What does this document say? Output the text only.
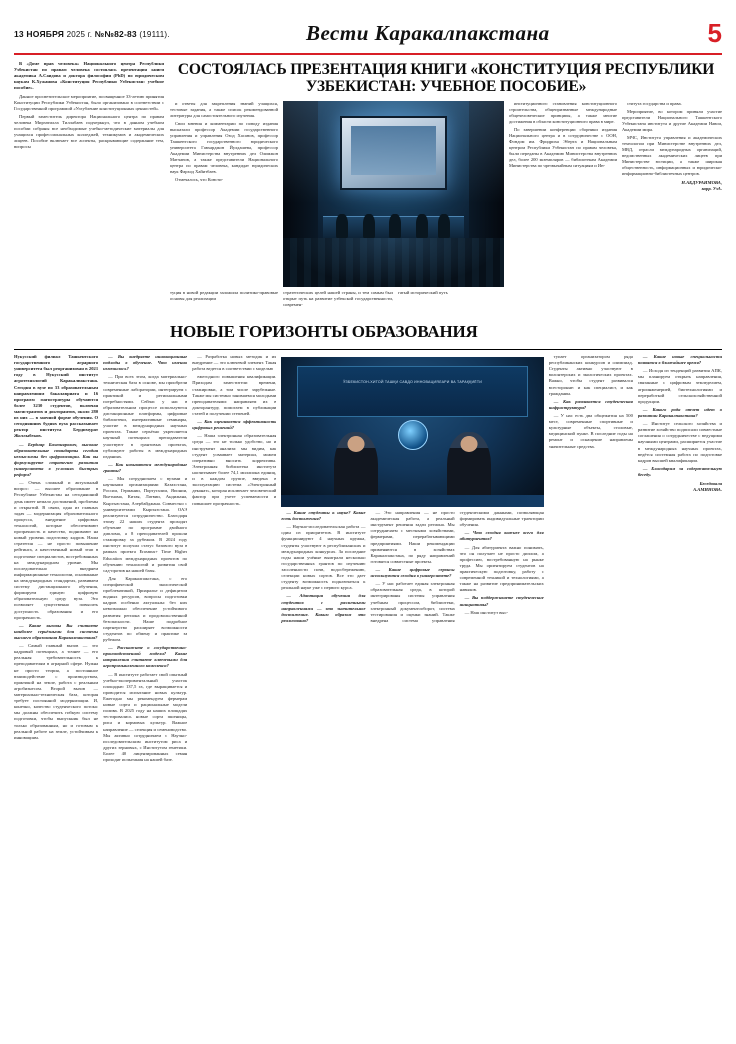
13 НОЯБРЯ 2025 г. №№82-83 (19111).	Вести Каракалпакстана	5

В «Доме прав человека» Национального центра Республики Узбекистан по правам человека состоялась презентация книги академика А.Саидова и доктора философии (PhD) по юридическим наукам К.Хужанова «Конституция Республики Узбекистан: учебное пособие».

Данное просветительское мероприятие, посвященное 33-летию принятия Конституции Республики Узбекистан, было организовано в соответствии с Государственной программой «Углубление конституционных ценностей».

Первый заместитель директора Национального центра по правам человека Мирзатилла Тиллабаев подчеркнул, что в данном учебном пособии собраны все необходимые учебно-методические материалы для учащихся профессиональных колледжей, техникумов и академических лицеев. Пособие включает все аспекты, раскрывающие содержание тем, вопросы

СОСТОЯЛАСЬ ПРЕЗЕНТАЦИЯ КНИГИ «КОНСТИТУЦИЯ РЕСПУБЛИКИ УЗБЕКИСТАН: УЧЕБНОЕ ПОСОБИЕ»

и ответы для закрепления знаний учащихся, тестовые задания, а также список рекомендованной литературы для самостоятельного изучения.

Свои мнения и комментарии по поводу издания высказали профессор Академии государственного управления и управления Озод Хасанов, профессор Ташкентского государственного юридического университета Гавхарджон Йулдашева, профессор Академии Министерства внутренних дел Олимжон Матчанов, а также представители Национального центра по правам человека, кандидат юридических наук Фарход Хайитбаев.

Отмечалось, что Консти-

институционного становления конституционного строительства, общепризнанные международные общечеловеческие принципы, а также многие достижения в области конституционного права в мире.

По завершении конференции сборники издания Национального центра и в сотрудничестве с ООН, Фондом им. Фридриха Эберта и Национальным центром Республики Узбекистан по правам человека, были переданы в Академию Министерства внутренних дел, более 200 экземпляров — библиотекам Академии Министерства по чрезвычайным ситуациям и Ин-

ститута государства и права.

Мероприятие, во котором приняли участие представители Национального Ташкентского Узбекистана института и другие Академии Навои, Академии мира.

МЧС, Института управления и академических технологии при Министерстве внутренних дел, МВД, отрасли международных организаций, ведомственных академических лицеев при Министерстве юстиции, а также широкая общественность, информационных и юридически-информационно-библиотечных центров.

Н.АБДУРАИМОВА,
корр. УзА.

туция в новой редакции заложила политико-правовые основы для реализации

стратегических целей нашей страны, и тем самым был открыт путь на развитие узбекской государственности, современ-

гатый исторический путь

НОВЫЕ ГОРИЗОНТЫ ОБРАЗОВАНИЯ

Нукусский филиал Ташкентского государственного аграрного университета был реорганизован в 2021 году в Нукусский институт агротехнологий Каракалпакстана. Сегодня в вузе по 33 образовательным направлениям бакалавриата и 16 программ магистратуры обучаются более 3230 студентов, включая магистрантов и докторантов, около 280 из них — в заочной форме обучения. О сегодняшних буднях вуза рассказывает ректор института Бердимурат Жоллыбеков.

— Бердияр Бахтиярович, высокие образовательные стандарты сегодня немыслимы без цифровизации. Как вы формулируете стратегию развития университета в условиях быстрых реформ?

— Очень сложный и актуальный вопрос: — высшее образование в Республике Узбекистан на сегодняшний день имеет немало достижений, проблемы и открытий. В связи, одна из главных задач — модернизация образовательного процесса, внедрение цифровых технологий, которые обеспечивают прозрачность и качество, поднимают на новый уровень подготовку кадров. Наша стратегия — не просто повышение рейтинга, а качественный новый этап в подготовке специалистов, востребованных на международном уровне. Мы последовательно внедряем информационные технологии, основанные на международных стандартах, развиваем систему дистанционного обучения, формируем единую цифровую образовательную среду вуза. Это позволяет существенно повысить доступность образования и его прозрачность.

— Какие вызовы Вы считаете наиболее серьёзными для системы высшего образования Каракалпакстана?

— Самый главный вызов — это кадровый потенциал, а точнее — его реальная требовательность к преподавателям в аграрной сфере. Нужна не просто теория, а постоянное взаимодействие с производством, практикой на земле, работа с реальным агробизнесом. Второй вызов — материально-техническая база, которая требует постоянной модернизации. И, конечно, качество студенческого потока: мы должны обеспечить гибкую систему подготовки, чтобы выпускник был не только образованным, но и готовым к реальной работе на земле, устойчивым к инновациям.

— Вы внедряете инновационные подходы в обучение. Что именно изменилось?

— При всех этом, когда материально-техническая база в основе, мы приобрели современные лаборатории, интегрируем с практикой и региональными потребностями. Сейчас у нас в образовательном процессе используются дистанционные платформы, цифровые библиотеки, интерактивные семинары, участие в международных научных проектах. Также серьёзно укрепляется научный потенциал: преподаватели участвуют в грантовых проектах, публикуют работы в международных изданиях.

— Как называются международные гранты?

— Мы сотрудничаем с вузами и научными организациями Казахстана, России, Германии, Португалии, Японии, Вьетнама, Китая, Латвии, Андижана, Кыргызстана, Азербайджана. Совместно с университетами Кыргызстана. ОАЭ реализуются сотрудничество. Благодаря этому 22 наших студента проходят обучение по программе двойного диплома, а 8 преподавателей прошли стажировку за рубежом. В 2024 году институт получил статус базового вуза в рамках проекта Erasmus+ Time Higher Education международных проектов по обучению технологий и развития свой сад-против на нашей базы.

Для Каракалпакстана, с его специфической экологической проблематикой, Приаралье и дефицитом водных ресурсов, вопросы подготовки кадров особенно актуальны: без них невозможно обеспечение устойчивого развития региона и продовольственной безопасности. Наше подробное партнерство расширяет возможности студентов по обмену и практике за рубежом.

— Расскажите о государственно-производственной модели? Какие направления считаете ключевыми для агропромышленного комплекса?

— В институте работает свой опытный учебно-экспериментальный участок площадью 137,5 га, где выращивается и проводится испытание новых культур. Ежегодно мы рекомендуем фермерам новые сорта и рациональные модели полива. В 2025 году на наших площадях тестировались новые сорта пшеницы, риса и кормовых культур. Важное направление — селекция и семеноводство. Мы активно сотрудничаем с Научно-исследовательским институтом риса и других зерновых, с Институтом генетики. Более 40 лицензированных семян проходят испытания на нашей базе.

— Разработка новых методик и их внедрение — это ключевой элемент. Такая работа ведется в соответствии с моделью

ежегодного повышения квалификации. Приходам заместители времени, стажировки, а том числе зарубежные. Также мы системно занимаемся молодыми преподавателями: направляем их в докторантуру, помогаем в публикации статей и получении степеней.

— Как оценивается эффективность цифровых решений?

— Наша электронная образовательная среда — это не только удобство, но и инструмент анализа: мы видим, как студент усваивает материал, можем оперативно вносить коррективы. Электронная библиотека института насчитывает более 74,1 миллиона единиц, и в каждом группе, введена в эксплуатацию система «Электронный деканат», которая исключает человеческий фактор при учете успеваемости и повышает прозрачность.

ЎЗБЕКИСТОН-ХИТОЙ ТАШҚИ САВДО ИННОВАЦИЯЛАРИ ВА ТАРАҚҚИЁТИ

— Какие студенты к науке? Какие есть достижения?

— Научно-исследовательская работа — один из приоритетов. В институте функционируют 4 научных кружка, студенты участвуют в республиканских и международных конкурсах. За последние годы наши учёные выиграли несколько государственных грантов по изучению засоленности почв, водосбережению, селекции новых сортов. Все это дает студенту возможность подключаться к реальной науке уже с первого курса.

— Адаптация обучения для студентов с различными направлениями — это значительное достижение. Каким образом это реализовано?

— Это направления — не просто академическая работа, а реальный инструмент решения задач региона. Мы сотрудничаем с местными хозяйствами, фермерами, перерабатывающими предприятиями. Наши рекомендации применяются в хозяйствах Каракалпакстана, по ряду направлений готовятся совместные проекты.

— Какие цифровые сервисы используются сегодня в университете?

— У нас работает единая электронная образовательная среда, в которой интегрированы системы управления учебным процессом, библиотеки, электронный документооборот, система тестирования и оценки знаний. Также внедрена система управления студенческими данными, позволяющая формировать индивидуальные траектории обучения.

— Что сегодня важнее всего для абитуриентов?

— Для абитуриента важно понимать, что он получает не просто диплом, а профессию, востребованную на рынке труда. Мы ориентируем студентов на практическую подготовку, работу с современной техникой и технологиями, а также на развитие предпринимательских навыков.

— Вы поддерживаете студенческие инициативы?

— Наш институт выс-

тупает организатором ряда республиканских конкурсов и олимпиад. Студенты активно участвуют в волонтерских и экологических проектах. Важно, чтобы студент развивался всесторонне: и как специалист, и как гражданин.

— Как развивается студенческая инфраструктура?

— У нас есть два общежития на 500 мест, современные спортивные и культурные объекты, столовые, медицинский пункт. В последние годы на ремонт и оснащение направлены значительные средства.

— Какие новые специальности появятся в ближайшее время?

— Исходя из тенденций развития АПК, мы планируем открыть направления, связанные с цифровым земледелием, агроинженерией, биотехнологиями и переработкой сельскохозяйственной продукции.

— Какого рода отчет идет о развитии Каракалпакстана?

— Институт сельского хозяйства и развитие хозяйство подписали совместные соглашения о сотрудничестве с ведущими научными центрами, расширяется участие в международных научных проектах, ведётся системная работа по подготовке кадров высшей квалификации.

— Благодарим за содержательную беседу.

Беседовала
А.АМИНОВА.
